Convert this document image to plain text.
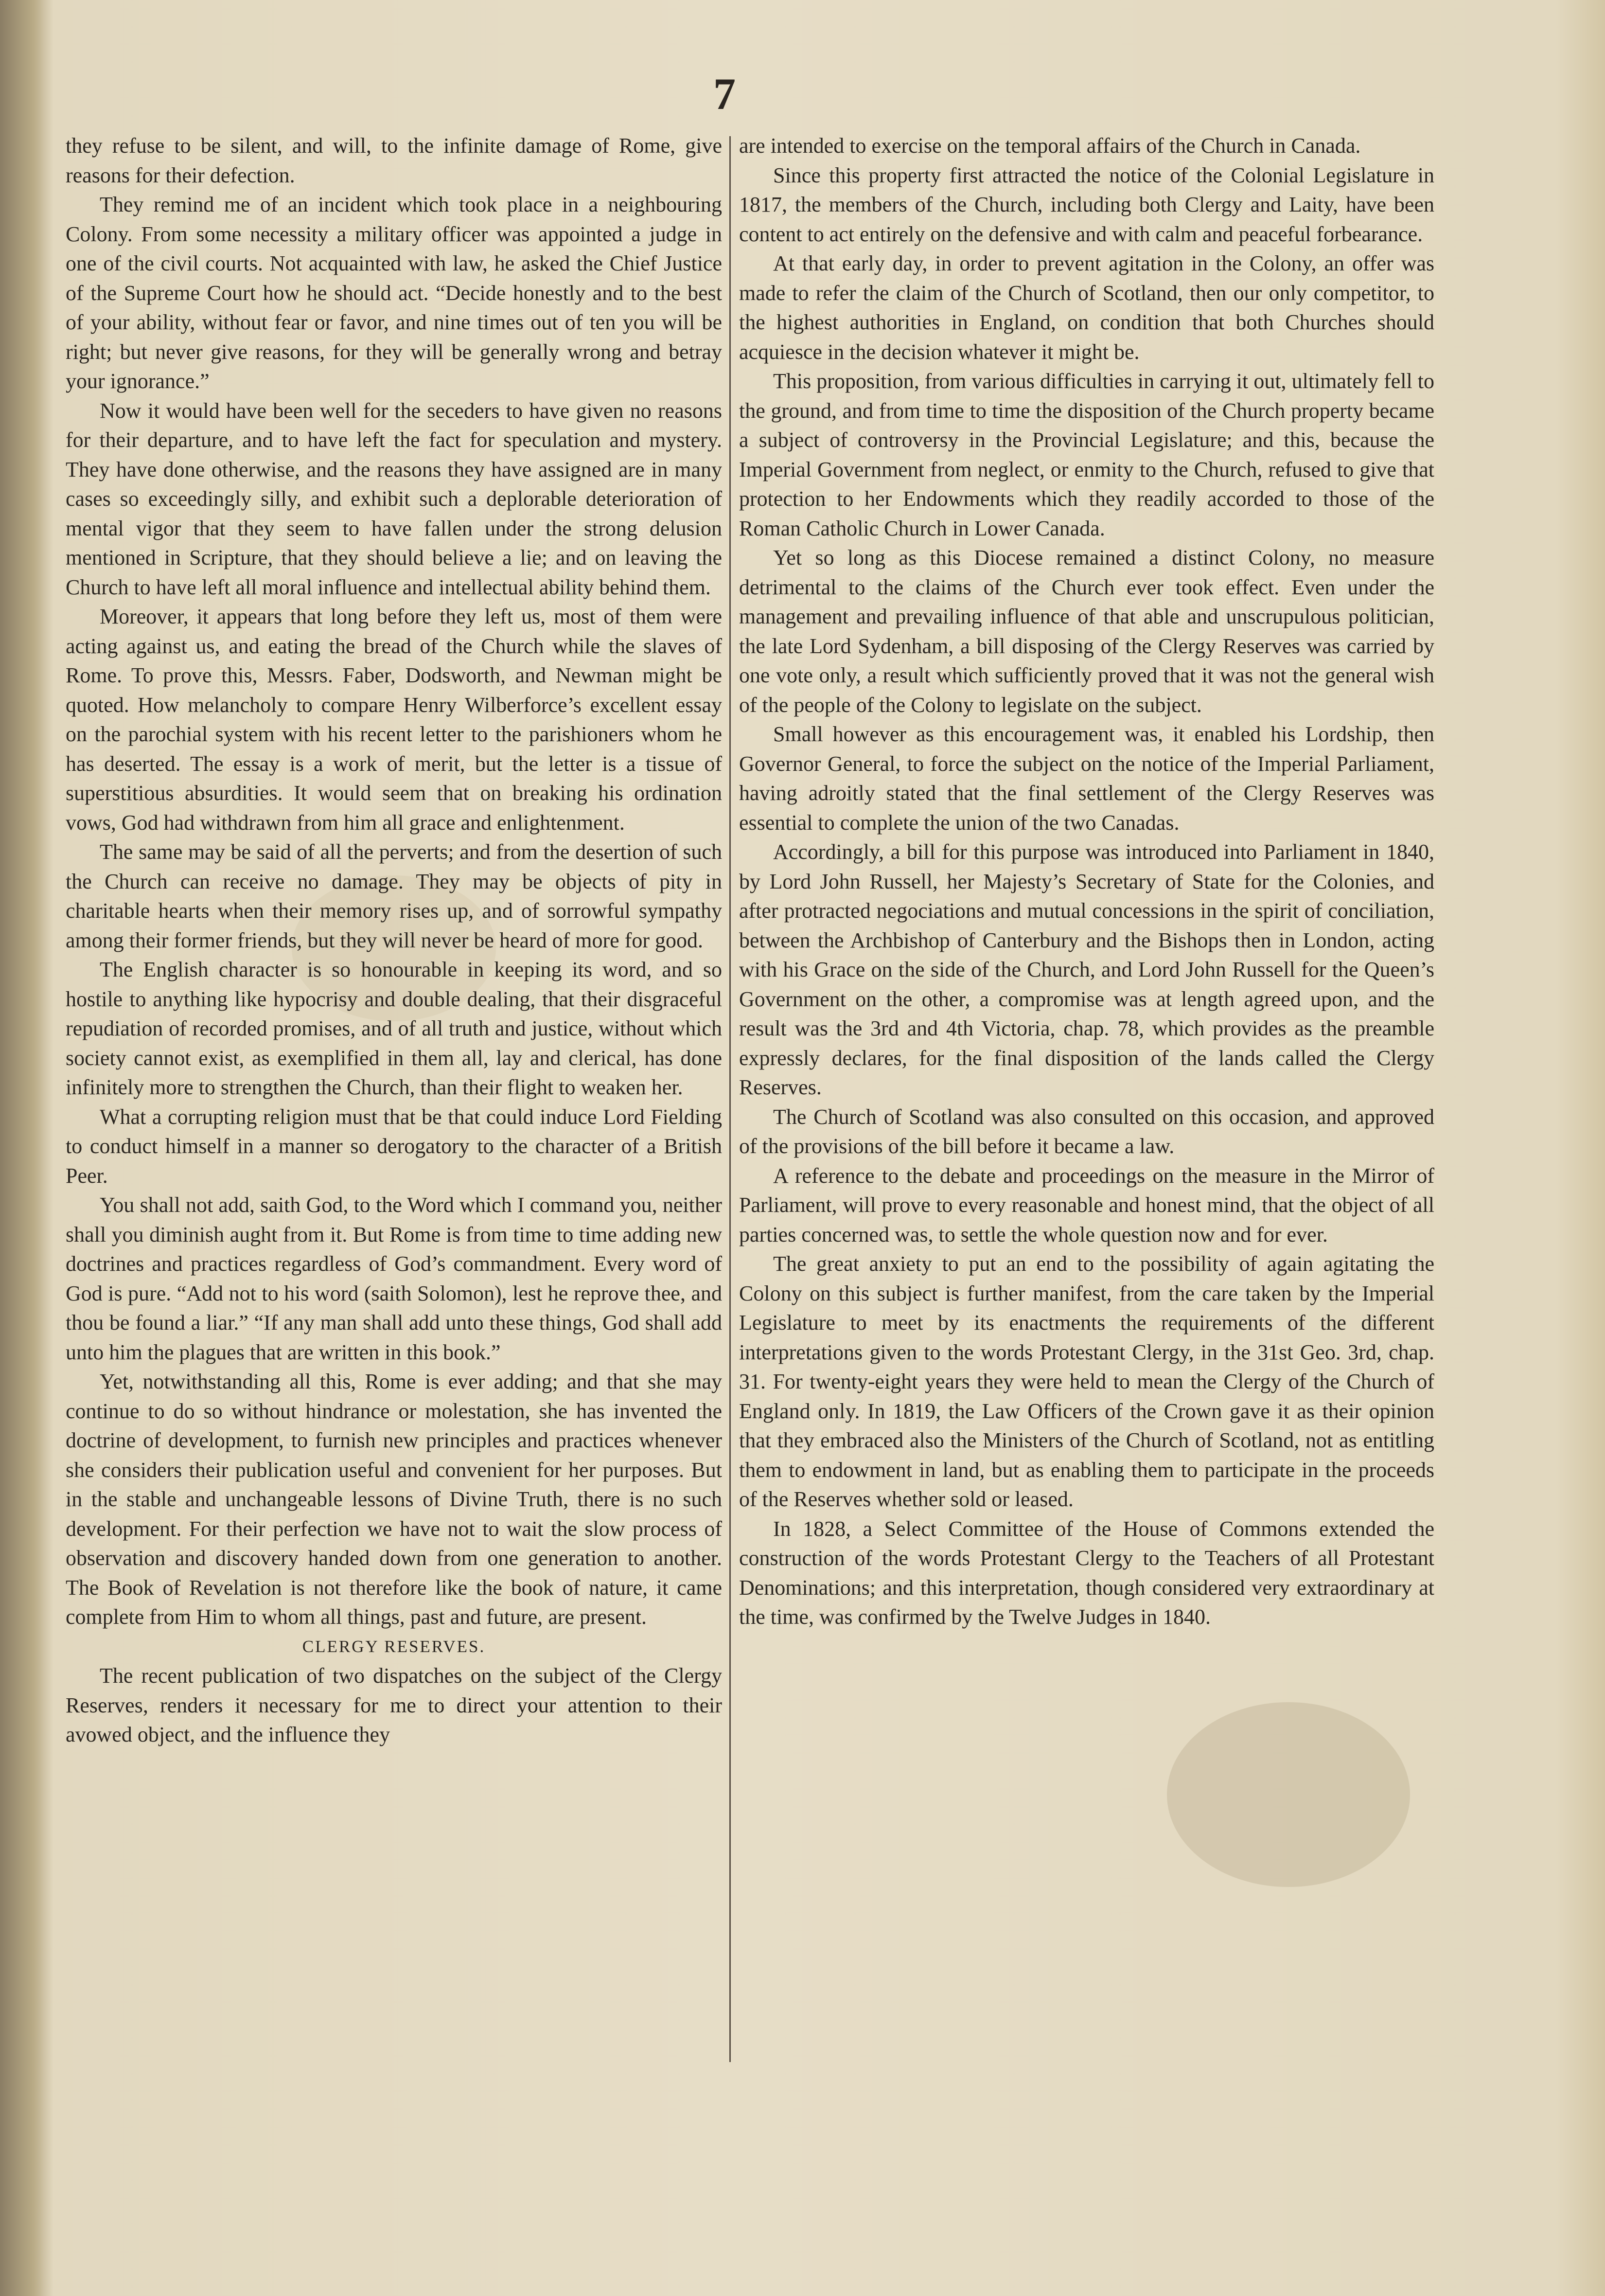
7

they refuse to be silent, and will, to the infinite damage of Rome, give reasons for their defection.

They remind me of an incident which took place in a neighbouring Colony. From some necessity a military officer was appointed a judge in one of the civil courts. Not acquainted with law, he asked the Chief Justice of the Supreme Court how he should act. “Decide honestly and to the best of your ability, without fear or favor, and nine times out of ten you will be right; but never give reasons, for they will be generally wrong and betray your ignorance.”

Now it would have been well for the seceders to have given no reasons for their departure, and to have left the fact for speculation and mystery. They have done otherwise, and the reasons they have assigned are in many cases so exceedingly silly, and exhibit such a deplorable deterioration of mental vigor that they seem to have fallen under the strong delusion mentioned in Scripture, that they should believe a lie; and on leaving the Church to have left all moral influence and intellectual ability behind them.

Moreover, it appears that long before they left us, most of them were acting against us, and eating the bread of the Church while the slaves of Rome. To prove this, Messrs. Faber, Dodsworth, and Newman might be quoted. How melancholy to compare Henry Wilberforce’s excellent essay on the parochial system with his recent letter to the parishioners whom he has deserted. The essay is a work of merit, but the letter is a tissue of superstitious absurdities. It would seem that on breaking his ordination vows, God had withdrawn from him all grace and enlightenment.

The same may be said of all the perverts; and from the desertion of such the Church can receive no damage. They may be objects of pity in charitable hearts when their memory rises up, and of sorrowful sympathy among their former friends, but they will never be heard of more for good.

The English character is so honourable in keeping its word, and so hostile to anything like hypocrisy and double dealing, that their disgraceful repudiation of recorded promises, and of all truth and justice, without which society cannot exist, as exemplified in them all, lay and clerical, has done infinitely more to strengthen the Church, than their flight to weaken her.

What a corrupting religion must that be that could induce Lord Fielding to conduct himself in a manner so derogatory to the character of a British Peer.

You shall not add, saith God, to the Word which I command you, neither shall you diminish aught from it. But Rome is from time to time adding new doctrines and practices regardless of God’s commandment. Every word of God is pure. “Add not to his word (saith Solomon), lest he reprove thee, and thou be found a liar.” “If any man shall add unto these things, God shall add unto him the plagues that are written in this book.”

Yet, notwithstanding all this, Rome is ever adding; and that she may continue to do so without hindrance or molestation, she has invented the doctrine of development, to furnish new principles and practices whenever she considers their publication useful and convenient for her purposes. But in the stable and unchangeable lessons of Divine Truth, there is no such development. For their perfection we have not to wait the slow process of observation and discovery handed down from one generation to another. The Book of Revelation is not therefore like the book of nature, it came complete from Him to whom all things, past and future, are present.

CLERGY RESERVES.

The recent publication of two dispatches on the subject of the Clergy Reserves, renders it necessary for me to direct your attention to their avowed object, and the influence they

are intended to exercise on the temporal affairs of the Church in Canada.

Since this property first attracted the notice of the Colonial Legislature in 1817, the members of the Church, including both Clergy and Laity, have been content to act entirely on the defensive and with calm and peaceful forbearance.

At that early day, in order to prevent agitation in the Colony, an offer was made to refer the claim of the Church of Scotland, then our only competitor, to the highest authorities in England, on condition that both Churches should acquiesce in the decision whatever it might be.

This proposition, from various difficulties in carrying it out, ultimately fell to the ground, and from time to time the disposition of the Church property became a subject of controversy in the Provincial Legislature; and this, because the Imperial Government from neglect, or enmity to the Church, refused to give that protection to her Endowments which they readily accorded to those of the Roman Catholic Church in Lower Canada.

Yet so long as this Diocese remained a distinct Colony, no measure detrimental to the claims of the Church ever took effect. Even under the management and prevailing influence of that able and unscrupulous politician, the late Lord Sydenham, a bill disposing of the Clergy Reserves was carried by one vote only, a result which sufficiently proved that it was not the general wish of the people of the Colony to legislate on the subject.

Small however as this encouragement was, it enabled his Lordship, then Governor General, to force the subject on the notice of the Imperial Parliament, having adroitly stated that the final settlement of the Clergy Reserves was essential to complete the union of the two Canadas.

Accordingly, a bill for this purpose was introduced into Parliament in 1840, by Lord John Russell, her Majesty’s Secretary of State for the Colonies, and after protracted negociations and mutual concessions in the spirit of conciliation, between the Archbishop of Canterbury and the Bishops then in London, acting with his Grace on the side of the Church, and Lord John Russell for the Queen’s Government on the other, a compromise was at length agreed upon, and the result was the 3rd and 4th Victoria, chap. 78, which provides as the preamble expressly declares, for the final disposition of the lands called the Clergy Reserves.

The Church of Scotland was also consulted on this occasion, and approved of the provisions of the bill before it became a law.

A reference to the debate and proceedings on the measure in the Mirror of Parliament, will prove to every reasonable and honest mind, that the object of all parties concerned was, to settle the whole question now and for ever.

The great anxiety to put an end to the possibility of again agitating the Colony on this subject is further manifest, from the care taken by the Imperial Legislature to meet by its enactments the requirements of the different interpretations given to the words Protestant Clergy, in the 31st Geo. 3rd, chap. 31. For twenty-eight years they were held to mean the Clergy of the Church of England only. In 1819, the Law Officers of the Crown gave it as their opinion that they embraced also the Ministers of the Church of Scotland, not as entitling them to endowment in land, but as enabling them to participate in the proceeds of the Reserves whether sold or leased.

In 1828, a Select Committee of the House of Commons extended the construction of the words Protestant Clergy to the Teachers of all Protestant Denominations; and this interpretation, though considered very extraordinary at the time, was confirmed by the Twelve Judges in 1840.
